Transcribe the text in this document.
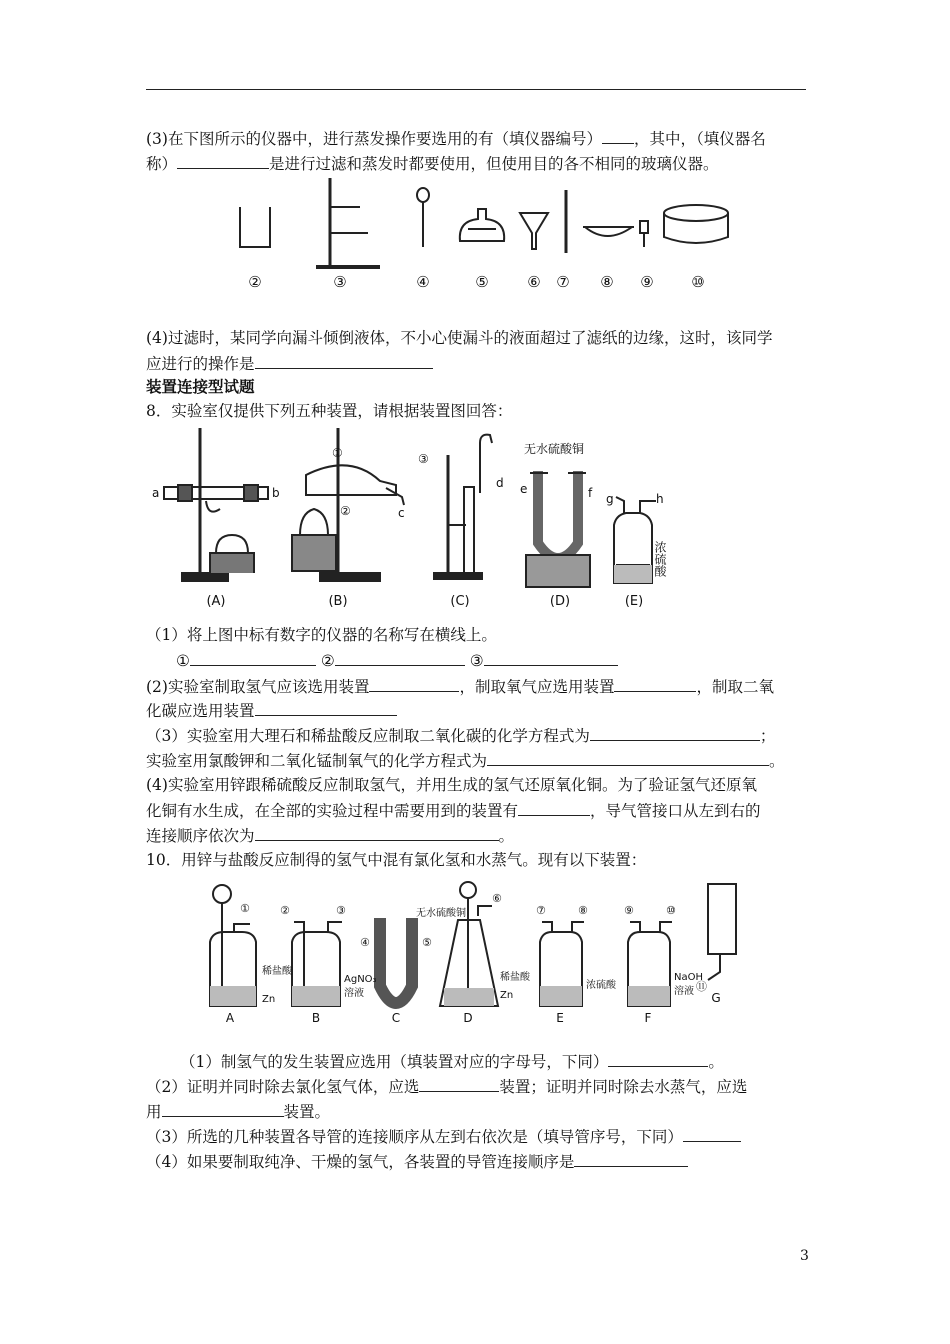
(3)在下图所示的仪器中，进行蒸发操作要选用的有（填仪器编号） ，其中，（填仪器名
称）	是进行过滤和蒸发时都要使用，但使用目的各不相同的玻璃仪器。
②	③	④	⑤	⑥ ⑦ ⑧ ⑨	⑩
(4)过滤时，某同学向漏斗倾倒液体，不小心使漏斗的液面超过了滤纸的边缘，这时，该同学
应进行的操作是
装置连接型试题
8．实验室仅提供下列五种装置，请根据装置图回答：
a	b
c
d e	f g	h
①
②
③
无水硫酸铜
浓硫酸
(A)	(B)	(C)	(D)	(E)
（1）将上图中标有数字的仪器的名称写在横线上。
①	②	③
(2)实验室制取氢气应该选用装置	，制取氧气应选用装置	，制取二氧
化碳应选用装置
（3）实验室用大理石和稀盐酸反应制取二氧化碳的化学方程式为	；
实验室用氯酸钾和二氧化锰制氧气的化学方程式为	。
(4)实验室用锌跟稀硫酸反应制取氢气，并用生成的氢气还原氧化铜。为了验证氢气还原氧
化铜有水生成，在全部的实验过程中需要用到的装置有	，导气管接口从左到右的
连接顺序依次为	。
10．用锌与盐酸反应制得的氢气中混有氯化氢和水蒸气。现有以下装置：
①	②	③
④	⑤
⑥
⑦	⑧	⑨	⑩
⑪
稀盐酸
Zn
AgNO₃
溶液
无水硫酸铜
稀盐酸
Zn
浓硫酸
NaOH
溶液
A	B	C	D	E	F
G
（1）制氢气的发生装置应选用（填装置对应的字母号，下同）	。
（2）证明并同时除去氯化氢气体，应选	装置；证明并同时除去水蒸气，应选
用	装置。
（3）所选的几种装置各导管的连接顺序从左到右依次是（填导管序号，下同）
（4）如果要制取纯净、干燥的氢气，各装置的导管连接顺序是
3
